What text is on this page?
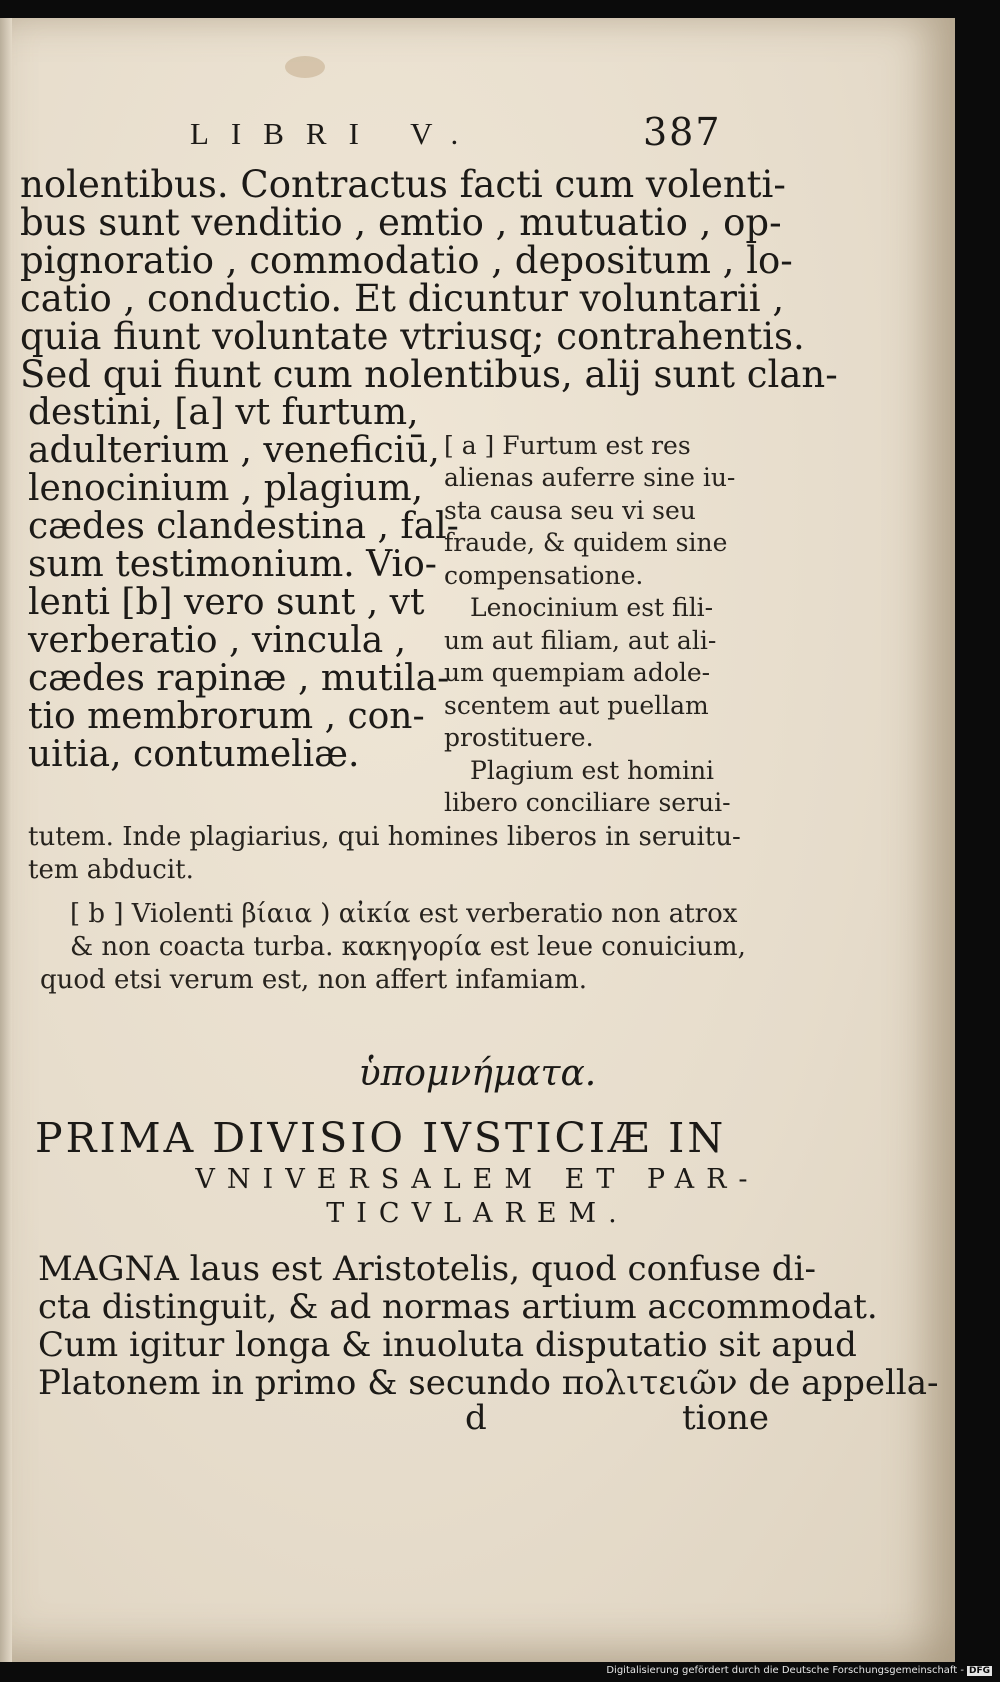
LIBRI V.	387
nolentibus. Contractus facti cum volenti-
bus sunt venditio , emtio , mutuatio , op-
pignoratio , commodatio , depositum , lo-
catio , conductio. Et dicuntur voluntarii ,
quia fiunt voluntate vtriusq; contrahentis.
Sed qui fiunt cum nolentibus, alij sunt clan-
destini, [a] vt furtum,
adulterium , veneficiū,
lenocinium , plagium,
cædes clandestina , fal-
sum testimonium. Vio-
lenti [b] vero sunt , vt
verberatio , vincula ,
cædes rapinæ , mutila-
tio membrorum , con-
uitia, contumeliæ.
[ a ] Furtum est res
alienas auferre sine iu-
sta causa seu vi seu
fraude, & quidem sine
compensatione.
Lenocinium est fili-
um aut filiam, aut ali-
um quempiam adole-
scentem aut puellam
prostituere.
Plagium est homini
libero conciliare serui-
tutem. Inde plagiarius, qui homines liberos in seruitu-
tem abducit.
[ b ] Violenti βίαια ) αἰκία est verberatio non atrox
& non coacta turba. κακηγορία est leue conuicium,
quod etsi verum est, non affert infamiam.
ὑπομνήματα.
PRIMA DIVISIO IVSTICIÆ IN
VNIVERSALEM ET PAR-
TICVLAREM.
MAGNA laus est Aristotelis, quod confuse di-
cta distinguit, & ad normas artium accommodat.
Cum igitur longa & inuoluta disputatio sit apud
Platonem in primo & secundo πολιτειῶν de appella-
d	tione
Digitalisierung gefördert durch die Deutsche Forschungsgemeinschaft - DFG
